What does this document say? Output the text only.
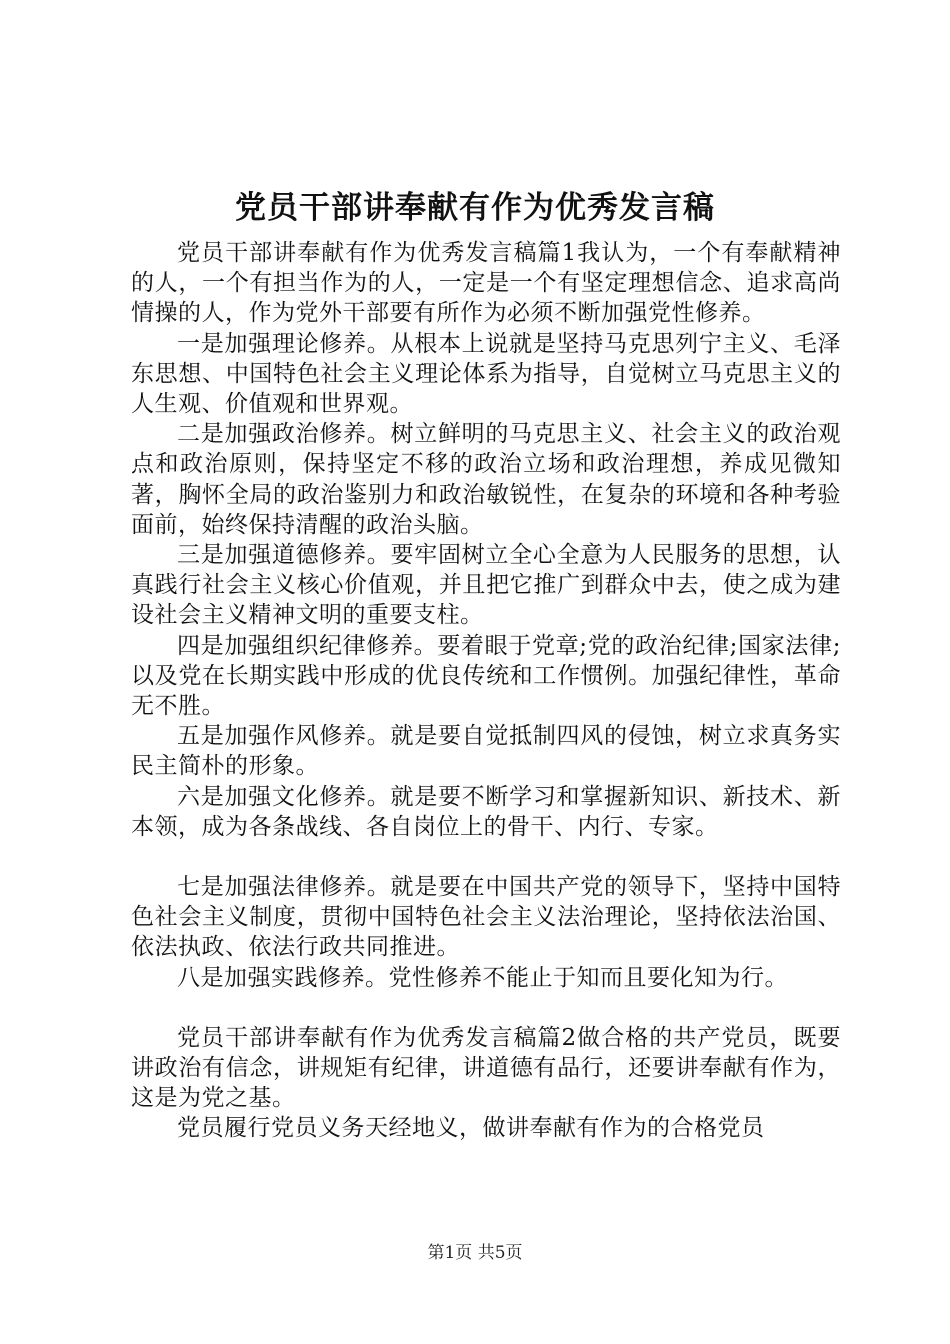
党员干部讲奉献有作为优秀发言稿

党员干部讲奉献有作为优秀发言稿篇1我认为，一个有奉献精神的人，一个有担当作为的人，一定是一个有坚定理想信念、追求高尚情操的人，作为党外干部要有所作为必须不断加强党性修养。

一是加强理论修养。从根本上说就是坚持马克思列宁主义、毛泽东思想、中国特色社会主义理论体系为指导，自觉树立马克思主义的人生观、价值观和世界观。

二是加强政治修养。树立鲜明的马克思主义、社会主义的政治观点和政治原则，保持坚定不移的政治立场和政治理想，养成见微知著，胸怀全局的政治鉴别力和政治敏锐性，在复杂的环境和各种考验面前，始终保持清醒的政治头脑。

三是加强道德修养。要牢固树立全心全意为人民服务的思想，认真践行社会主义核心价值观，并且把它推广到群众中去，使之成为建设社会主义精神文明的重要支柱。

四是加强组织纪律修养。要着眼于党章;党的政治纪律;国家法律;以及党在长期实践中形成的优良传统和工作惯例。加强纪律性，革命无不胜。

五是加强作风修养。就是要自觉抵制四风的侵蚀，树立求真务实民主简朴的形象。

六是加强文化修养。就是要不断学习和掌握新知识、新技术、新本领，成为各条战线、各自岗位上的骨干、内行、专家。

七是加强法律修养。就是要在中国共产党的领导下，坚持中国特色社会主义制度，贯彻中国特色社会主义法治理论，坚持依法治国、依法执政、依法行政共同推进。

八是加强实践修养。党性修养不能止于知而且要化知为行。

党员干部讲奉献有作为优秀发言稿篇2做合格的共产党员，既要讲政治有信念，讲规矩有纪律，讲道德有品行，还要讲奉献有作为，这是为党之基。

党员履行党员义务天经地义，做讲奉献有作为的合格党员

第1页 共5页
